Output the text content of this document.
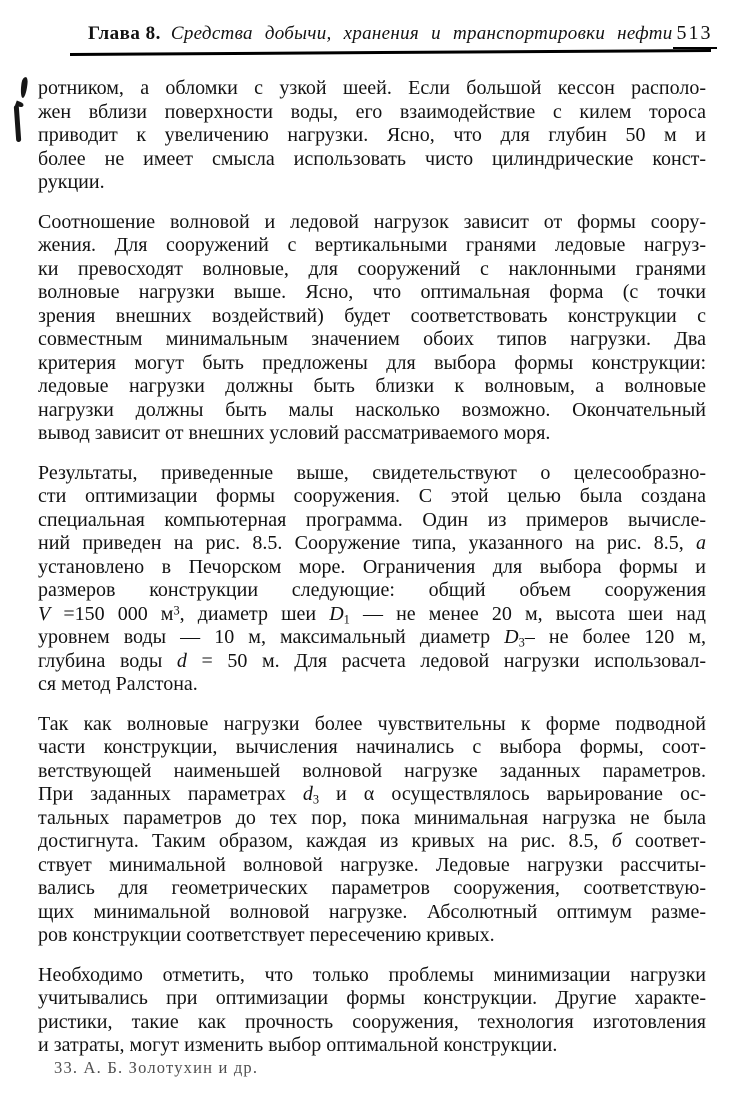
Глава 8. Средства добычи, хранения и транспортировки нефти 513
ротником, а обломки с узкой шеей. Если большой кессон располо-
жен вблизи поверхности воды, его взаимодействие с килем тороса
приводит к увеличению нагрузки. Ясно, что для глубин 50 м и
более не имеет смысла использовать чисто цилиндрические конст-
рукции.
Соотношение волновой и ледовой нагрузок зависит от формы соору-
жения. Для сооружений с вертикальными гранями ледовые нагруз-
ки превосходят волновые, для сооружений с наклонными гранями
волновые нагрузки выше. Ясно, что оптимальная форма (с точки
зрения внешних воздействий) будет соответствовать конструкции с
совместным минимальным значением обоих типов нагрузки. Два
критерия могут быть предложены для выбора формы конструкции:
ледовые нагрузки должны быть близки к волновым, а волновые
нагрузки должны быть малы насколько возможно. Окончательный
вывод зависит от внешних условий рассматриваемого моря.
Результаты, приведенные выше, свидетельствуют о целесообразно-
сти оптимизации формы сооружения. С этой целью была создана
специальная компьютерная программа. Один из примеров вычисле-
ний приведен на рис. 8.5. Сооружение типа, указанного на рис. 8.5, а
установлено в Печорском море. Ограничения для выбора формы и
размеров конструкции следующие: общий объем сооружения
V =150 000 $м^3$, диаметр шеи $D_1$ — не менее 20 м, высота шеи над
уровнем воды — 10 м, максимальный диаметр $D_3-$ не более 120 м,
глубина воды d = 50 м. Для расчета ледовой нагрузки использовал-
ся метод Ралстона.
Так как волновые нагрузки более чувствительны к форме подводной
части конструкции, вычисления начинались с выбора формы, соот-
ветствующей наименьшей волновой нагрузке заданных параметров.
При заданных параметрах $d_3$ и α осуществлялось варьирование ос-
тальных параметров до тех пор, пока минимальная нагрузка не была
достигнута. Таким образом, каждая из кривых на рис. 8.5, б соответ-
ствует минимальной волновой нагрузке. Ледовые нагрузки рассчиты-
вались для геометрических параметров сооружения, соответствую-
щих минимальной волновой нагрузке. Абсолютный оптимум разме-
ров конструкции соответствует пересечению кривых.
Необходимо отметить, что только проблемы минимизации нагрузки
учитывались при оптимизации формы конструкции. Другие характе-
ристики, такие как прочность сооружения, технология изготовления
и затраты, могут изменить выбор оптимальной конструкции.
33. А. Б. Золотухин и др.
